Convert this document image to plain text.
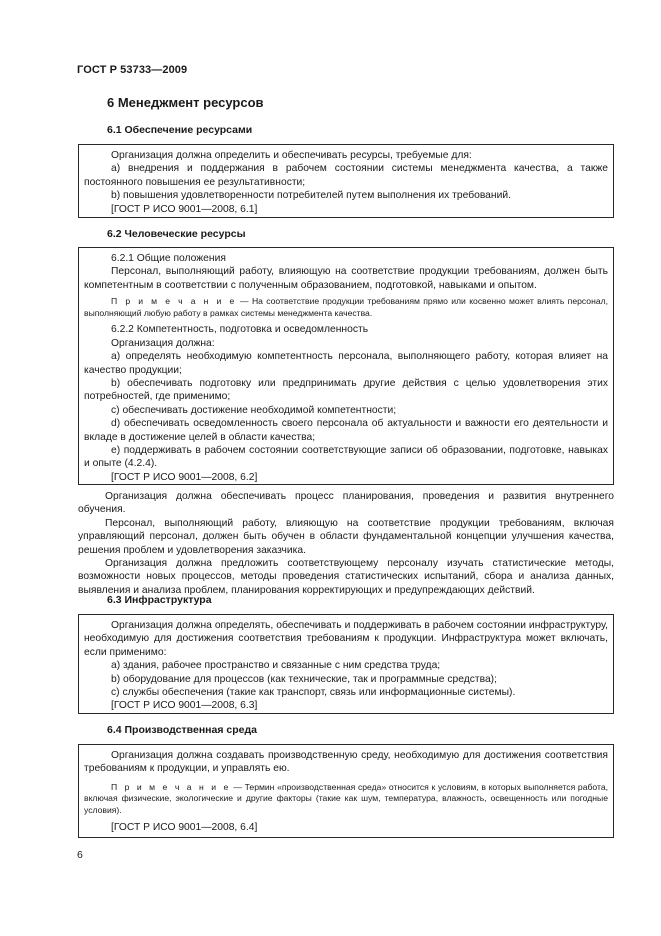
ГОСТ Р 53733—2009
6 Менеджмент ресурсов
6.1 Обеспечение ресурсами

Организация должна определить и обеспечивать ресурсы, требуемые для:

а) внедрения и поддержания в рабочем состоянии системы менеджмента качества, а также постоянного повышения ее результативности;

b) повышения удовлетворенности потребителей путем выполнения их требований.

[ГОСТ Р ИСО 9001—2008, 6.1]

6.2 Человеческие ресурсы

6.2.1 Общие положения

Персонал, выполняющий работу, влияющую на соответствие продукции требованиям, должен быть компетентным в соответствии с полученным образованием, подготовкой, навыками и опытом.

П р и м е ч а н и е — На соответствие продукции требованиям прямо или косвенно может влиять персонал, выполняющий любую работу в рамках системы менеджмента качества.

6.2.2 Компетентность, подготовка и осведомленность

Организация должна:

а) определять необходимую компетентность персонала, выполняющего работу, которая влияет на качество продукции;

b) обеспечивать подготовку или предпринимать другие действия с целью удовлетворения этих потребностей, где применимо;

c) обеспечивать достижение необходимой компетентности;

d) обеспечивать осведомленность своего персонала об актуальности и важности его деятельности и вкладе в достижение целей в области качества;

e) поддерживать в рабочем состоянии соответствующие записи об образовании, подготовке, навыках и опыте (4.2.4).

[ГОСТ Р ИСО 9001—2008, 6.2]

Организация должна обеспечивать процесс планирования, проведения и развития внутреннего обучения.

Персонал, выполняющий работу, влияющую на соответствие продукции требованиям, включая управляющий персонал, должен быть обучен в области фундаментальной концепции улучшения качества, решения проблем и удовлетворения заказчика.

Организация должна предложить соответствующему персоналу изучать статистические методы, возможности новых процессов, методы проведения статистических испытаний, сбора и анализа данных, выявления и анализа проблем, планирования корректирующих и предупреждающих действий.

6.3 Инфраструктура

Организация должна определять, обеспечивать и поддерживать в рабочем состоянии инфраструктуру, необходимую для достижения соответствия требованиям к продукции. Инфраструктура может включать, если применимо:

а) здания, рабочее пространство и связанные с ним средства труда;

b) оборудование для процессов (как технические, так и программные средства);

c) службы обеспечения (такие как транспорт, связь или информационные системы).

[ГОСТ Р ИСО 9001—2008, 6.3]

6.4 Производственная среда

Организация должна создавать производственную среду, необходимую для достижения соответствия требованиям к продукции, и управлять ею.

П р и м е ч а н и е — Термин «производственная среда» относится к условиям, в которых выполняется работа, включая физические, экологические и другие факторы (такие как шум, температура, влажность, освещенность или погодные условия).

[ГОСТ Р ИСО 9001—2008, 6.4]

6
